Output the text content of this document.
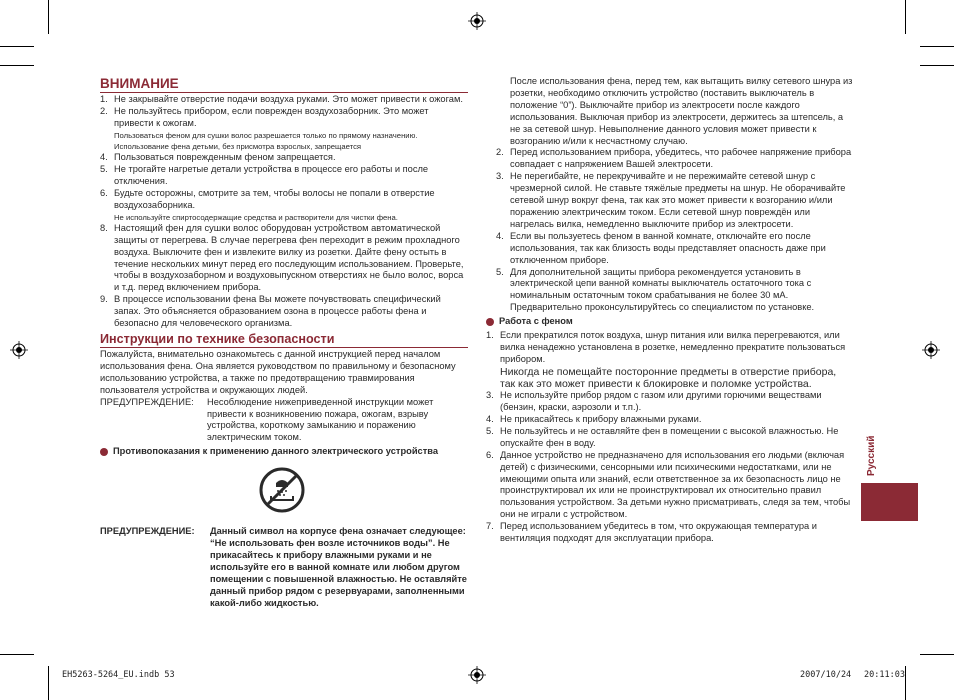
ВНИМАНИЕ
1. Не закрывайте отверстие подачи воздуха руками. Это может привести к ожогам.
2. Не пользуйтесь прибором, если поврежден воздухозаборник. Это может привести к ожогам.
Пользоваться феном для сушки волос разрешается только по прямому назначению. Использование фена детьми, без присмотра взрослых, запрещается
4. Пользоваться поврежденным феном запрещается.
5. Не трогайте нагретые детали устройства в процессе его работы и после отключения.
6. Будьте осторожны, смотрите за тем, чтобы волосы не попали в отверстие воздухозаборника.
Не используйте спиртосодержащие средства и растворители для чистки фена.
8. Настоящий фен для сушки волос оборудован устройством автоматической защиты от перегрева. В случае перегрева фен переходит в режим прохладного воздуха. Выключите фен и извлеките вилку из розетки. Дайте фену остыть в течение нескольких минут перед его последующим использованием. Проверьте, чтобы в воздухозаборном и воздуховыпускном отверстиях не было волос, ворса и т.д. перед включением прибора.
9. В процессе использовании фена Вы можете почувствовать специфический запах. Это объясняется образованием озона в процессе работы фена и безопасно для человеческого организма.
Инструкции по технике безопасности
Пожалуйста, внимательно ознакомьтесь с данной инструкцией перед началом использования фена. Она является руководством по правильному и безопасному использованию устройства, а также по предотвращению травмирования пользователя устройства и окружающих людей.
ПРЕДУПРЕЖДЕНИЕ:	Несоблюдение нижеприведенной инструкции может привести к возникновению пожара, ожогам, взрыву устройства, короткому замыканию и поражению электрическим током.
Противопоказания к применению данного электрического устройства
ПРЕДУПРЕЖДЕНИЕ:	Данный символ на корпусе фена означает следующее: “Не использовать фен возле источников воды”. Не прикасайтесь к прибору влажными руками и не используйте его в ванной комнате или любом другом помещении с повышенной влажностью. Не оставляйте данный прибор рядом с резервуарами, заполненными какой-либо жидкостью.
После использования фена, перед тем, как вытащить вилку сетевого шнура из розетки, необходимо отключить устройство (поставить выключатель в положение “0”). Выключайте прибор из электросети после каждого использования. Выключая прибор из электросети, держитесь за штепсель, а не за сетевой шнур. Невыполнение данного условия может привести к возгоранию и/или к несчастному случаю.
2. Перед использованием прибора, убедитесь, что рабочее напряжение прибора совпадает с напряжением Вашей электросети.
3. Не перегибайте, не перекручивайте и не пережимайте сетевой шнур с чрезмерной силой. Не ставьте тяжёлые предметы на шнур. Не оборачивайте сетевой шнур вокруг фена, так как это может привести к возгоранию и/или поражению электрическим током. Если сетевой шнур повреждён или нагрелась вилка, немедленно выключите прибор из электросети.
4. Если вы пользуетесь феном в ванной комнате, отключайте его после использования, так как близость воды представляет опасность даже при отключенном приборе.
5. Для дополнительной защиты прибора рекомендуется установить в электрической цепи ванной комнаты выключатель остаточного тока с номинальным остаточным током срабатывания не более 30 мА. Предварительно проконсультируйтесь со специалистом по установке.
Работа с феном
1. Если прекратился поток воздуха, шнур питания или вилка перегреваются, или вилка ненадежно установлена в розетке, немедленно прекратите пользоваться прибором.
Никогда не помещайте посторонние предметы в отверстие прибора, так как это может привести к блокировке и поломке устройства.
3. Не используйте прибор рядом с газом или другими горючими веществами (бензин, краски, аэрозоли и т.п.).
4. Не прикасайтесь к прибору влажными руками.
5. Не пользуйтесь и не оставляйте фен в помещении с высокой влажностью. Не опускайте фен в воду.
6. Данное устройство не предназначено для использования его людьми (включая детей) с физическими, сенсорными или психическими недостатками, или не имеющими опыта или знаний, если ответственное за их безопасность лицо не проинструктировал их или не проинструктировал их относительно правил пользования устройством. За детьми нужно присматривать, следя за тем, чтобы они не играли с устройством.
7. Перед использованием убедитесь в том, что окружающая температура и вентиляция подходят для эксплуатации прибора.
Русский
EH5263-5264_EU.indb 53	2007/10/24 20:11:03
